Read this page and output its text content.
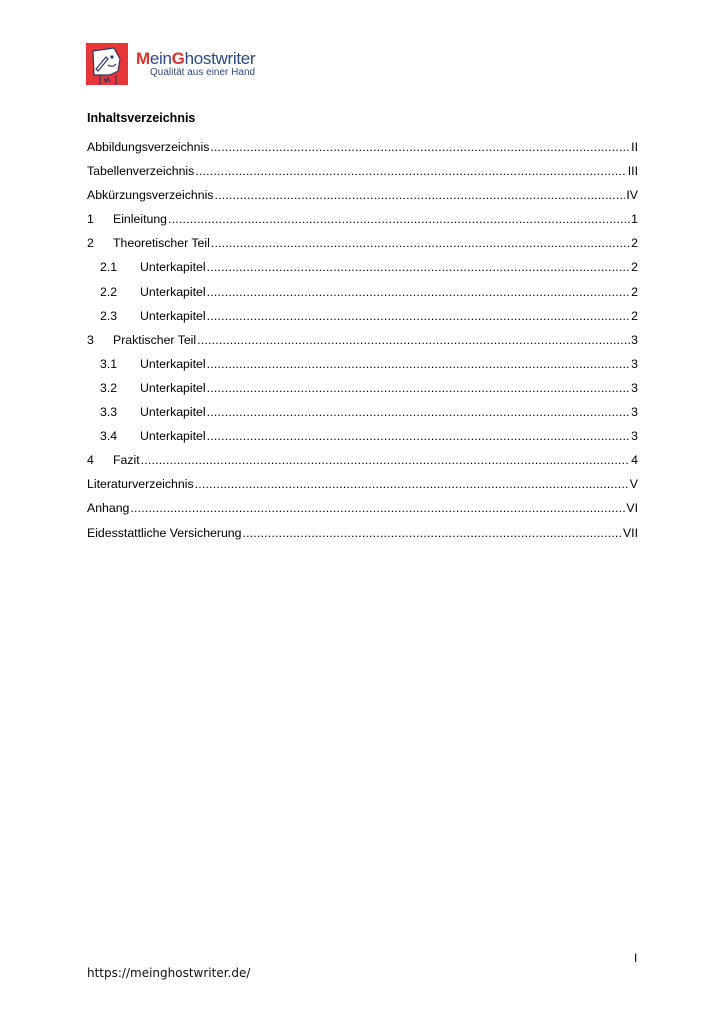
MeinGhostwriter
Qualität aus einer Hand
Inhaltsverzeichnis
Abbildungsverzeichnis .....	II
Tabellenverzeichnis .....	III
Abkürzungsverzeichnis .....	IV
1	Einleitung .....	1
2	Theoretischer Teil .....	2
2.1	Unterkapitel .....	2
2.2	Unterkapitel .....	2
2.3	Unterkapitel .....	2
3	Praktischer Teil .....	3
3.1	Unterkapitel .....	3
3.2	Unterkapitel .....	3
3.3	Unterkapitel .....	3
3.4	Unterkapitel .....	3
4	Fazit .....	4
Literaturverzeichnis .....	V
Anhang .....	VI
Eidesstattliche Versicherung .....	VII
I
https://meinghostwriter.de/
